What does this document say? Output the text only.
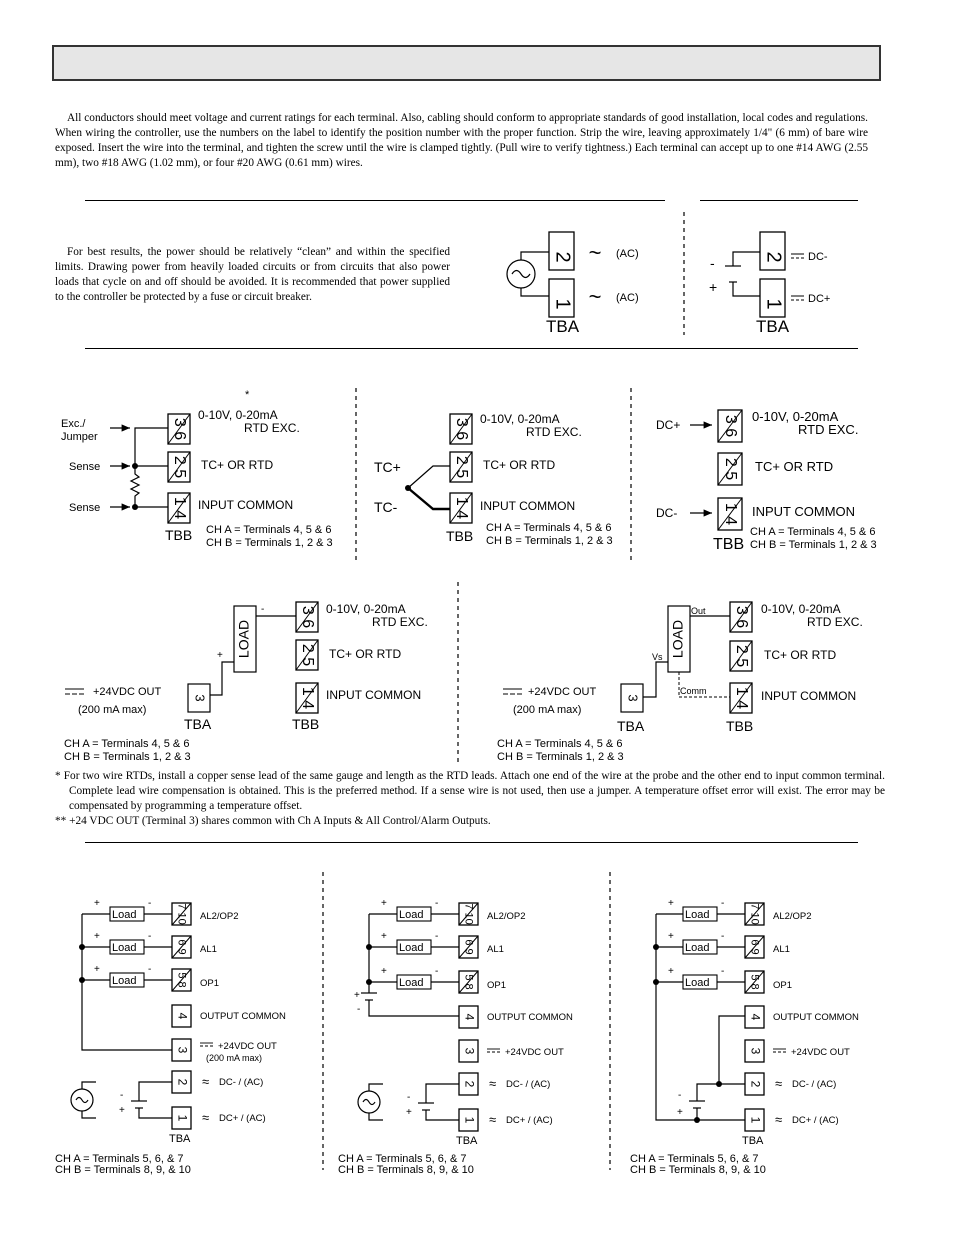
All conductors should meet voltage and current ratings for each terminal. Also, cabling should conform to appropriate standards of good installation, local codes and regulations. When wiring the controller, use the numbers on the label to identify the position number with the proper function. Strip the wire, leaving approximately 1/4" (6 mm) of bare wire exposed. Insert the wire into the terminal, and tighten the screw until the wire is clamped tightly. (Pull wire to verify tightness.) Each terminal can accept up to one #14 AWG (2.55 mm), two #18 AWG (1.02 mm), or four #20 AWG (0.61 mm) wires.

For best results, the power should be relatively “clean” and within the specified limits. Drawing power from heavily loaded circuits or from circuits that also power loads that cycle on and off should be avoided. It is recommended that power supplied to the controller be protected by a fuse or circuit breaker.

* For two wire RTDs, install a copper sense lead of the same gauge and length as the RTD leads. Attach one end of the wire at the probe and the other end to input common terminal. Complete lead wire compensation is obtained. This is the preferred method. If a sense wire is not used, then use a jumper. A temperature offset error will exist. The error may be compensated by programming a temperature offset.
** +24 VDC OUT (Terminal 3) shares common with Ch A Inputs & All Control/Alarm Outputs.

2
1
~
~
(AC)
(AC)
TBA
-
+
2
1
DC-
DC+
TBA
*
Exc./
Jumper
Sense
Sense
TC+
TC-
DC+
DC-
LOAD
-
+
3
TBA
+24VDC OUT
(200 mA max)
LOAD
Out
Vs
Comm
3
TBA
+24VDC OUT
(200 mA max)
3 6
2 5
1 4
0-10V, 0-20mA
RTD EXC.
TC+ OR RTD
INPUT COMMON
TBB CH A = Terminals 4, 5 & 6
CH B = Terminals 1, 2 & 3
3 6
2 5
1 4
0-10V, 0-20mA
RTD EXC.
TC+ OR RTD
INPUT COMMON
TBB CH A = Terminals 4, 5 & 6
CH B = Terminals 1, 2 & 3
3 6
2 5
1 4
0-10V, 0-20mA
RTD EXC.
TC+ OR RTD
INPUT COMMON
TBB
CH A = Terminals 4, 5 & 6
CH B = Terminals 1, 2 & 3
3 6
2 5
1 4
0-10V, 0-20mA
RTD EXC.
TC+ OR RTD
INPUT COMMON
TBB
CH A = Terminals 4, 5 & 6
CH B = Terminals 1, 2 & 3
3 6
2 5
1 4
0-10V, 0-20mA
RTD EXC.
TC+ OR RTD
INPUT COMMON
TBB
CH A = Terminals 4, 5 & 6
CH B = Terminals 1, 2 & 3
7 10
6 9
5 8
4
3
2
1
Load
+	-
Load
+	-
Load
+	-
AL2/OP2
AL1
OP1
OUTPUT COMMON
+24VDC OUT
(200 mA max)
≈ DC- / (AC)
≈ DC+ / (AC)
TBA
CH A = Terminals 5, 6, & 7
CH B = Terminals 8, 9, & 10
7 10
6 9
5 8
4
3
2
1
Load
+	-
Load
+	-
Load
+	-
AL2/OP2
AL1
OP1
OUTPUT COMMON
+24VDC OUT
≈ DC- / (AC)
≈ DC+ / (AC)
TBA
CH A = Terminals 5, 6, & 7
CH B = Terminals 8, 9, & 10
7 10
6 9
5 8
4
3
2
1
Load
+	-
Load
+	-
Load
+	-
AL2/OP2
AL1
OP1
OUTPUT COMMON
+24VDC OUT
≈ DC- / (AC)
≈ DC+ / (AC)
TBA
CH A = Terminals 5, 6, & 7
CH B = Terminals 8, 9, & 10
-
+
-
+
-
+
+
-
